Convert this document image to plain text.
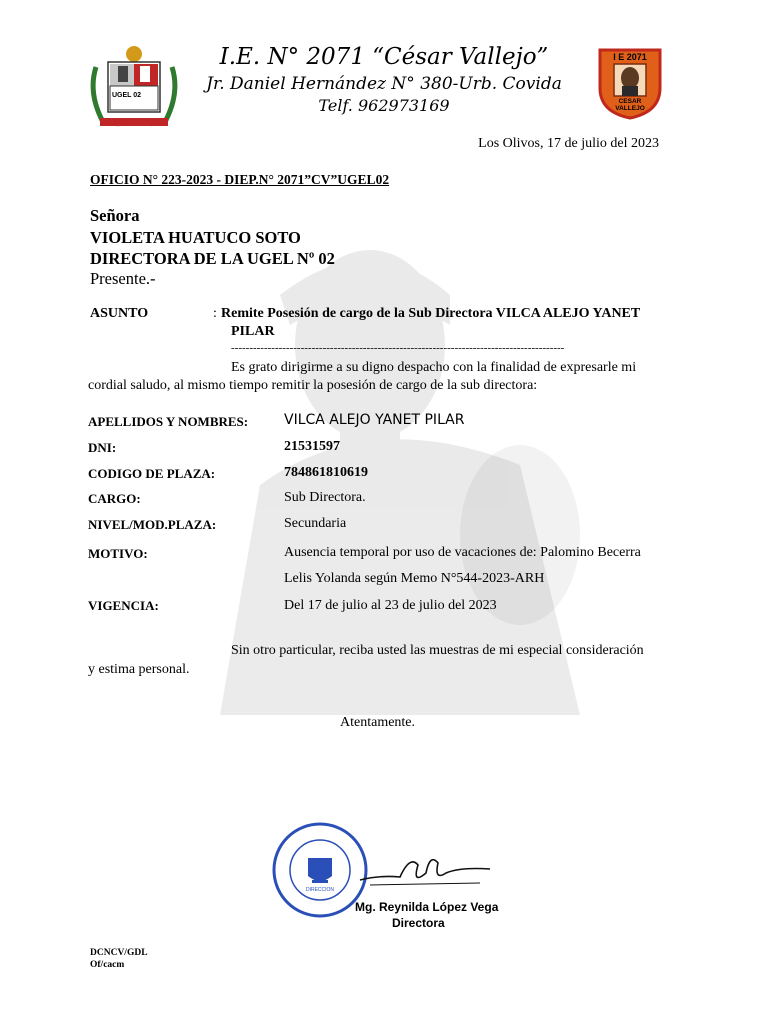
UGEL 02
I E 2071
CESAR VALLEJO
I.E. N° 2071 “César Vallejo”
Jr. Daniel Hernández N° 380-Urb. Covida
Telf. 962973169
Los Olivos, 17 de julio del 2023
OFICIO N° 223-2023 - DIEP.N° 2071”CV”UGEL02
Señora
VIOLETA HUATUCO SOTO
DIRECTORA DE LA UGEL Nº 02
Presente.-
ASUNTO	: Remite Posesión de cargo de la Sub Directora VILCA ALEJO YANET
PILAR
-------------------------------------------------------------------------------------------
Es grato dirigirme a su digno despacho con la finalidad de expresarle mi
cordial saludo, al mismo tiempo remitir la posesión de cargo de la sub directora:
APELLIDOS Y NOMBRES:	VILCA ALEJO YANET PILAR
DNI:	21531597
CODIGO DE PLAZA:	784861810619
CARGO:	Sub Directora.
NIVEL/MOD.PLAZA:	Secundaria
MOTIVO:	Ausencia temporal por uso de vacaciones de: Palomino Becerra
Lelis Yolanda según Memo N°544-2023-ARH
VIGENCIA:	Del 17 de julio al 23 de julio del 2023
Sin otro particular, reciba usted las muestras de mi especial consideración
y estima personal.
Atentamente.
DIRECCION
Mg. Reynilda López Vega
Directora
DCNCV/GDL
Of/cacm
